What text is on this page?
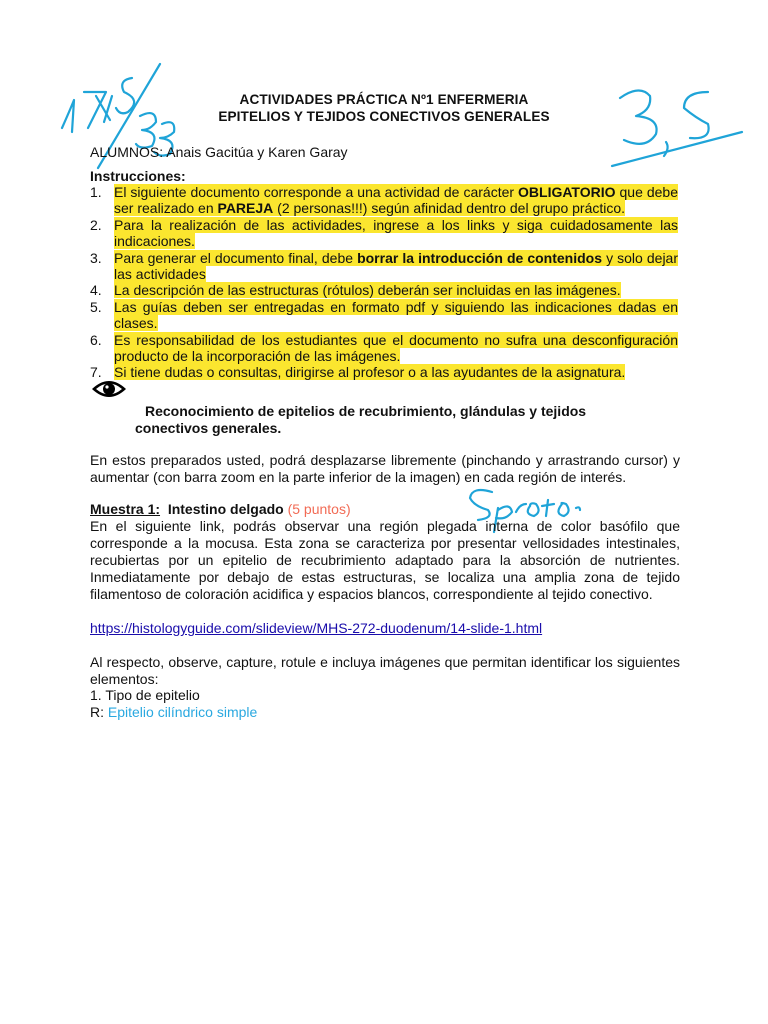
ACTIVIDADES PRÁCTICA Nº1 ENFERMERIA
EPITELIOS Y TEJIDOS CONECTIVOS GENERALES
ALUMNOS: Anais Gacitúa y Karen Garay
Instrucciones:
1. El siguiente documento corresponde a una actividad de carácter OBLIGATORIO que debe ser realizado en PAREJA (2 personas!!!) según afinidad dentro del grupo práctico.
2. Para la realización de las actividades, ingrese a los links y siga cuidadosamente las indicaciones.
3. Para generar el documento final, debe borrar la introducción de contenidos y solo dejar las actividades
4. La descripción de las estructuras (rótulos) deberán ser incluidas en las imágenes.
5. Las guías deben ser entregadas en formato pdf y siguiendo las indicaciones dadas en clases.
6. Es responsabilidad de los estudiantes que el documento no sufra una desconfiguración producto de la incorporación de las imágenes.
7. Si tiene dudas o consultas, dirigirse al profesor o a las ayudantes de la asignatura.
Reconocimiento de epitelios de recubrimiento, glándulas y tejidos conectivos generales.
En estos preparados usted, podrá desplazarse libremente (pinchando y arrastrando cursor) y aumentar (con barra zoom en la parte inferior de la imagen) en cada región de interés.
Muestra 1: Intestino delgado (5 puntos)
En el siguiente link, podrás observar una región plegada interna de color basófilo que corresponde a la mocusa. Esta zona se caracteriza por presentar vellosidades intestinales, recubiertas por un epitelio de recubrimiento adaptado para la absorción de nutrientes. Inmediatamente por debajo de estas estructuras, se localiza una amplia zona de tejido filamentoso de coloración acidifica y espacios blancos, correspondiente al tejido conectivo.
https://histologyguide.com/slideview/MHS-272-duodenum/14-slide-1.html
Al respecto, observe, capture, rotule e incluya imágenes que permitan identificar los siguientes elementos:
1. Tipo de epitelio
R: Epitelio cilíndrico simple
